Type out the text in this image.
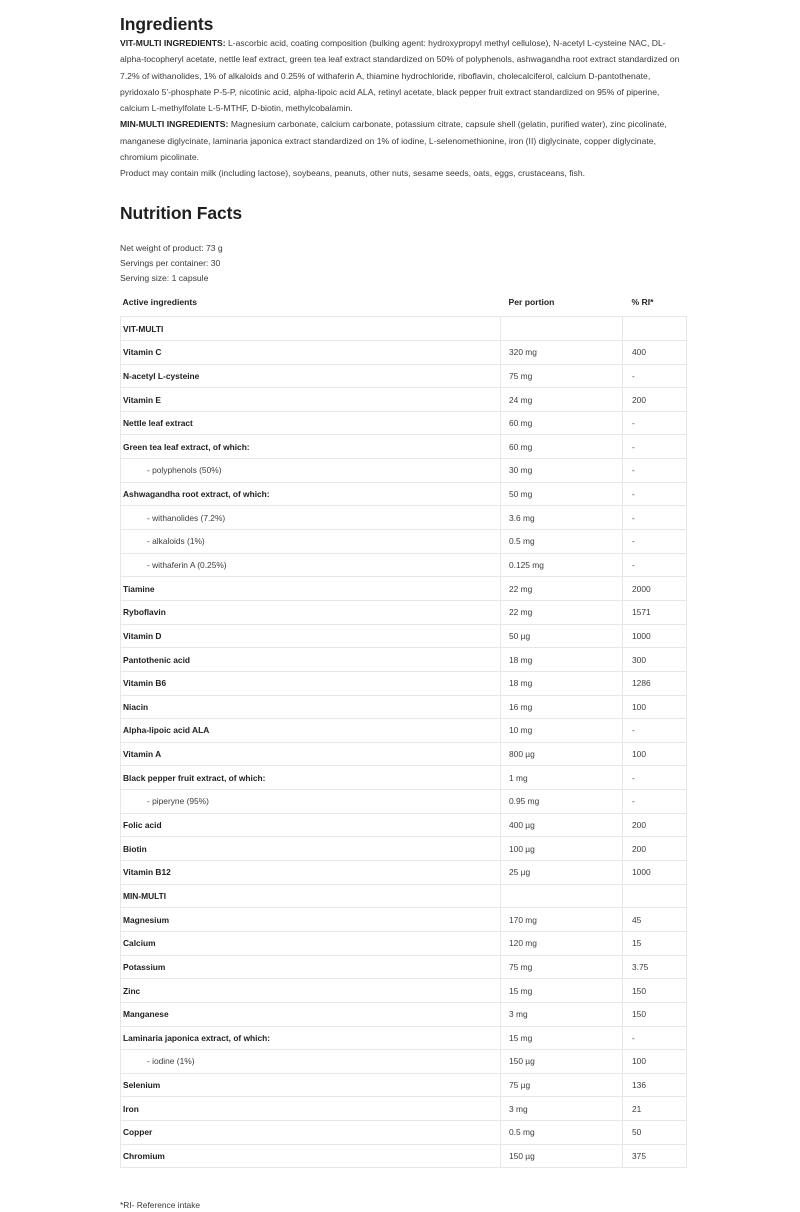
Ingredients

VIT-MULTI INGREDIENTS: L-ascorbic acid, coating composition (bulking agent: hydroxypropyl methyl cellulose), N-acetyl L-cysteine NAC, DL-alpha-tocopheryl acetate, nettle leaf extract, green tea leaf extract standardized on 50% of polyphenols, ashwagandha root extract standardized on 7.2% of withanolides, 1% of alkaloids and 0.25% of withaferin A, thiamine hydrochloride, riboflavin, cholecalciferol, calcium D-pantothenate, pyridoxalo 5'-phosphate P-5-P, nicotinic acid, alpha-lipoic acid ALA, retinyl acetate, black pepper fruit extract standardized on 95% of piperine, calcium L-methylfolate L-5-MTHF, D-biotin, methylcobalamin.

MIN-MULTI INGREDIENTS: Magnesium carbonate, calcium carbonate, potassium citrate, capsule shell (gelatin, purified water), zinc picolinate, manganese diglycinate, laminaria japonica extract standardized on 1% of iodine, L-selenomethionine, iron (II) diglycinate, copper diglycinate, chromium picolinate.

Product may contain milk (including lactose), soybeans, peanuts, other nuts, sesame seeds, oats, eggs, crustaceans, fish.

Nutrition Facts
Net weight of product: 73 g
Servings per container: 30
Serving size: 1 capsule
Active ingredients	Per portion	% RI*
VIT-MULTI		
Vitamin C	320 mg	400
N-acetyl L-cysteine	75 mg	-
Vitamin E	24 mg	200
Nettle leaf extract	60 mg	-
Green tea leaf extract, of which:	60 mg	-
- polyphenols (50%)	30 mg	-
Ashwagandha root extract, of which:	50 mg	-
- withanolides (7.2%)	3.6 mg	-
- alkaloids (1%)	0.5 mg	-
- withaferin A (0.25%)	0.125 mg	-
Tiamine	22 mg	2000
Ryboflavin	22 mg	1571
Vitamin D	50 µg	1000
Pantothenic acid	18 mg	300
Vitamin B6	18 mg	1286
Niacin	16 mg	100
Alpha-lipoic acid ALA	10 mg	-
Vitamin A	800 µg	100
Black pepper fruit extract, of which:	1 mg	-
- piperyne (95%)	0.95 mg	-
Folic acid	400 µg	200
Biotin	100 µg	200
Vitamin B12	25 µg	1000
MIN-MULTI		
Magnesium	170 mg	45
Calcium	120 mg	15
Potassium	75 mg	3.75
Zinc	15 mg	150
Manganese	3 mg	150
Laminaria japonica extract, of which:	15 mg	-
- iodine (1%)	150 µg	100
Selenium	75 µg	136
Iron	3 mg	21
Copper	0.5 mg	50
Chromium	150 µg	375
*RI- Reference intake
